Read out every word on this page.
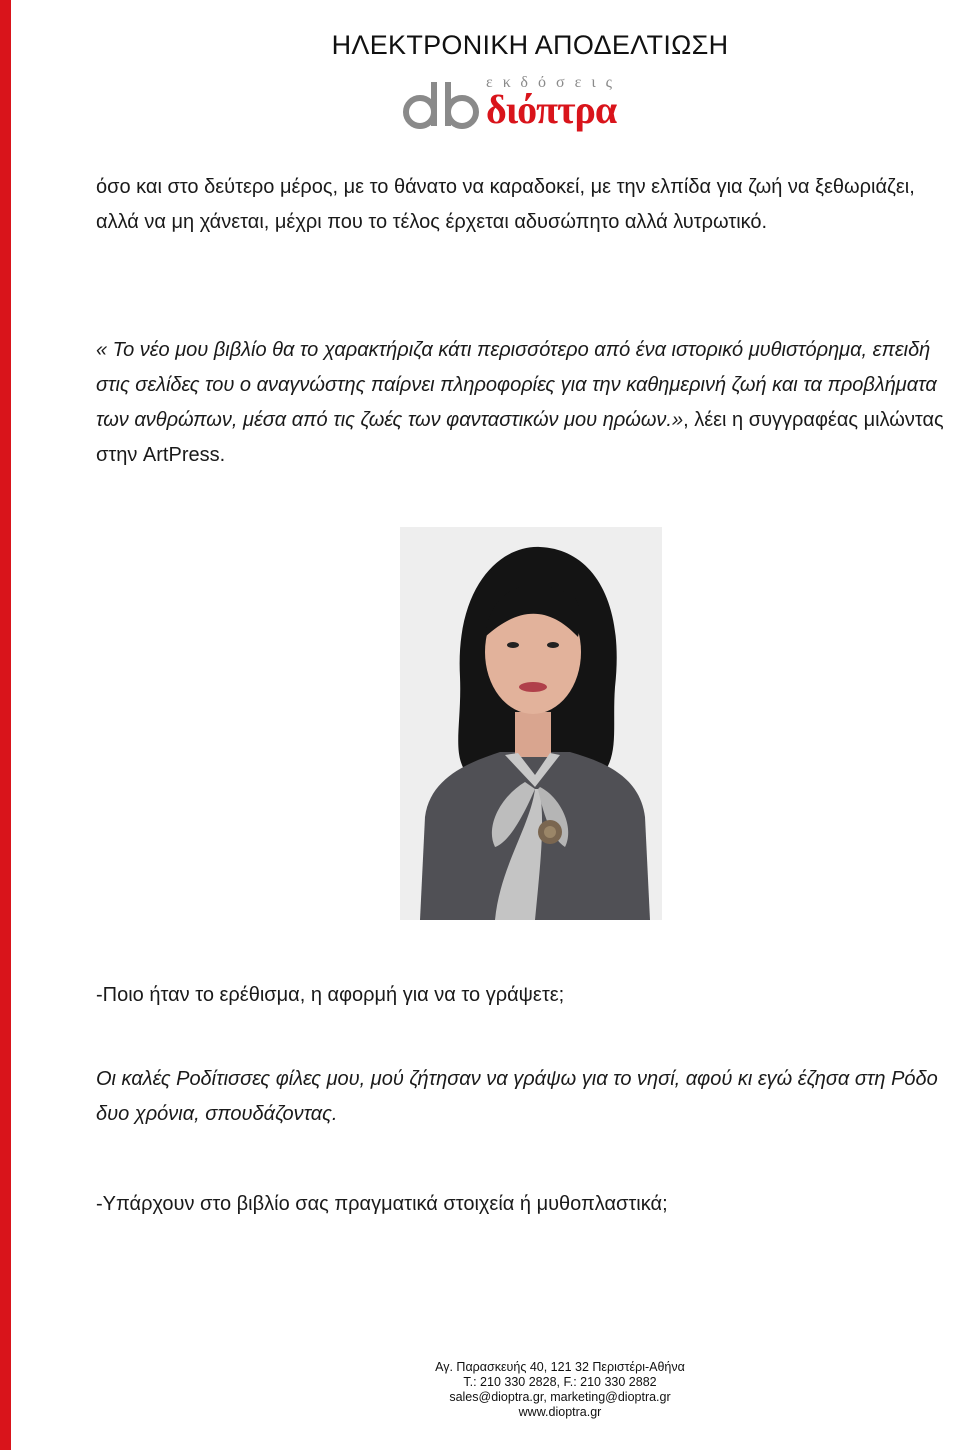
ΗΛΕΚΤΡΟΝΙΚΗ ΑΠΟΔΕΛΤΙΩΣΗ
εκδόσεις
διόπτρα

όσο και στο δεύτερο μέρος, με το θάνατο να καραδοκεί, με την ελπίδα για ζωή να ξεθωριάζει, αλλά να μη χάνεται, μέχρι που το τέλος έρχεται αδυσώπητο αλλά λυτρωτικό.

« Το νέο μου βιβλίο θα το χαρακτήριζα κάτι περισσότερο από ένα ιστορικό μυθιστόρημα, επειδή στις σελίδες του ο αναγνώστης παίρνει πληροφορίες για την καθημερινή ζωή και τα προβλήματα των ανθρώπων, μέσα από τις ζωές των φανταστικών μου ηρώων.», λέει η συγγραφέας μιλώντας στην ArtPress.

-Ποιο ήταν το ερέθισμα, η αφορμή για να το γράψετε;

Οι καλές Ροδίτισσες φίλες μου, μού ζήτησαν να γράψω για το νησί, αφού κι εγώ έζησα στη Ρόδο δυο χρόνια, σπουδάζοντας.

-Υπάρχουν στο βιβλίο σας πραγματικά στοιχεία ή μυθοπλαστικά;

Αγ. Παρασκευής 40, 121 32 Περιστέρι-Αθήνα
Τ.: 210 330 2828, F.: 210 330 2882
sales@dioptra.gr, marketing@dioptra.gr
www.dioptra.gr
